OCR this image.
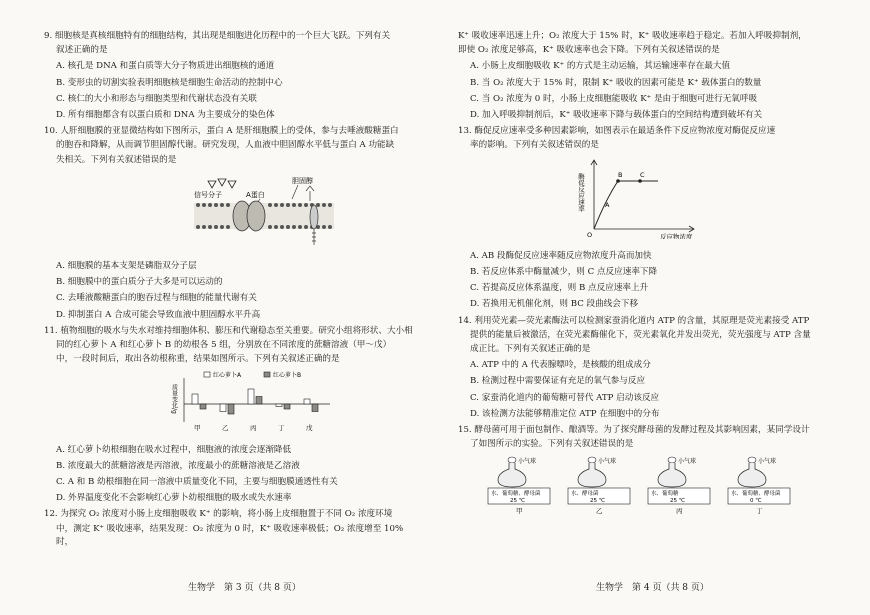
9. 细胞核是真核细胞特有的细胞结构，其出现是细胞进化历程中的一个巨大飞跃。下列有关

叙述正确的是

A. 核孔是 DNA 和蛋白质等大分子物质进出细胞核的通道

B. 变形虫的切割实验表明细胞核是细胞生命活动的控制中心

C. 核仁的大小和形态与细胞类型和代谢状态没有关联

D. 所有细胞都含有以蛋白质和 DNA 为主要成分的染色体

10. 人肝细胞膜的亚显微结构如下图所示，蛋白 A 是肝细胞膜上的受体，参与去唾液酸糖蛋白

的胞吞和降解，从而调节胆固醇代谢。研究发现，人血液中胆固醇水平低与蛋白 A 功能缺

失相关。下列有关叙述错误的是

信号分子	A蛋白
胆固醇

A. 细胞膜的基本支架是磷脂双分子层

B. 细胞膜中的蛋白质分子大多是可以运动的

C. 去唾液酸糖蛋白的胞吞过程与细胞的能量代谢有关

D. 抑制蛋白 A 合成可能会导致血液中胆固醇水平升高

11. 植物细胞的吸水与失水对维持细胞体积、膨压和代谢稳态至关重要。研究小组将形状、大小相

同的红心萝卜 A 和红心萝卜 B 的幼根各 5 组，分别放在不同浓度的蔗糖溶液（甲～戊）

中，一段时间后，取出各幼根称重，结果如图所示。下列有关叙述正确的是

质量变化/g
红心萝卜A	红心萝卜B
甲	乙	丙	丁	戊

A. 红心萝卜幼根细胞在吸水过程中，细胞液的浓度会逐渐降低

B. 浓度最大的蔗糖溶液是丙溶液，浓度最小的蔗糖溶液是乙溶液

C. A 和 B 幼根细胞在同一溶液中质量变化不同，主要与细胞膜通透性有关

D. 外界温度变化不会影响红心萝卜幼根细胞的吸水或失水速率

12. 为探究 O₂ 浓度对小肠上皮细胞吸收 K⁺ 的影响，将小肠上皮细胞置于不同 O₂ 浓度环境

中，测定 K⁺ 吸收速率，结果发现：O₂ 浓度为 0 时，K⁺ 吸收速率极低；O₂ 浓度增至 10% 时，

K⁺ 吸收速率迅速上升；O₂ 浓度大于 15% 时，K⁺ 吸收速率趋于稳定。若加入呼吸抑制剂，

即使 O₂ 浓度足够高，K⁺ 吸收速率也会下降。下列有关叙述错误的是

A. 小肠上皮细胞吸收 K⁺ 的方式是主动运输，其运输速率存在最大值

B. 当 O₂ 浓度大于 15% 时，限制 K⁺ 吸收的因素可能是 K⁺ 载体蛋白的数量

C. 当 O₂ 浓度为 0 时，小肠上皮细胞能吸收 K⁺ 是由于细胞可进行无氧呼吸

D. 加入呼吸抑制剂后，K⁺ 吸收速率下降与载体蛋白的空间结构遭到破坏有关

13. 酶促反应速率受多种因素影响，如图表示在最适条件下反应物浓度对酶促反应速

率的影响。下列有关叙述错误的是

酶促反应速率
反应物浓度
O
A
B	C

A. AB 段酶促反应速率随反应物浓度升高而加快

B. 若反应体系中酶量减少，则 C 点反应速率下降

C. 若提高反应体系温度，则 B 点反应速率上升

D. 若换用无机催化剂，则 BC 段曲线会下移

14. 利用荧光素—荧光素酶法可以检测家蚕消化道内 ATP 的含量，其原理是荧光素接受 ATP

提供的能量后被激活，在荧光素酶催化下，荧光素氧化并发出荧光，荧光强度与 ATP 含量

成正比。下列有关叙述正确的是

A. ATP 中的 A 代表腺嘌呤，是核酸的组成成分

B. 检测过程中需要保证有充足的氧气参与反应

C. 家蚕消化道内的葡萄糖可替代 ATP 启动该反应

D. 该检测方法能够精准定位 ATP 在细胞中的分布

15. 酵母菌可用于面包制作、酿酒等。为了探究酵母菌的发酵过程及其影响因素，某同学设计

了如图所示的实验。下列有关叙述错误的是

小气球
水、葡萄糖、酵母菌
25 ℃
甲
小气球
水、酵母菌
25 ℃
乙
小气球
水、葡萄糖
25 ℃
丙
小气球
水、葡萄糖、酵母菌
0 ℃
丁
生物学　第 3 页（共 8 页）	生物学　第 4 页（共 8 页）
